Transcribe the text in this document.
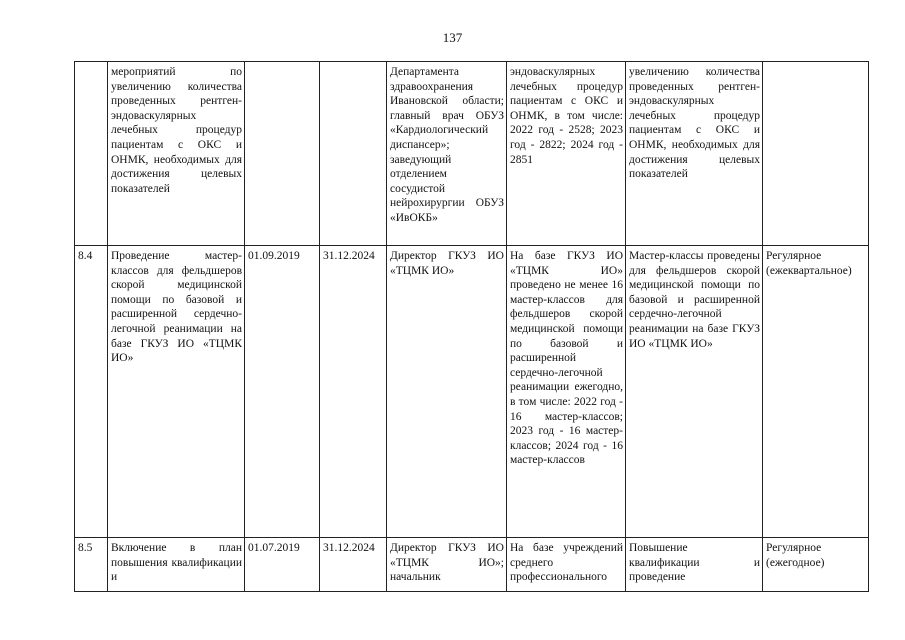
137
	мероприятий по увеличению количества проведенных рентген-эндоваскулярных лечебных процедур пациентам с ОКС и ОНМК, необходимых для достижения целевых показателей			Департамента здравоохранения Ивановской области; главный врач ОБУЗ «Кардиологический диспансер»; заведующий отделением сосудистой нейрохирургии ОБУЗ «ИвОКБ»	эндоваскулярных лечебных процедур пациентам с ОКС и ОНМК, в том числе: 2022 год - 2528; 2023 год - 2822; 2024 год - 2851	увеличению количества проведенных рентген-эндоваскулярных лечебных процедур пациентам с ОКС и ОНМК, необходимых для достижения целевых показателей	
8.4	Проведение мастер-классов для фельдшеров скорой медицинской помощи по базовой и расширенной сердечно-легочной реанимации на базе ГКУЗ ИО «ТЦМК ИО»	01.09.2019	31.12.2024	Директор ГКУЗ ИО «ТЦМК ИО»	На базе ГКУЗ ИО «ТЦМК ИО» проведено не менее 16 мастер-классов для фельдшеров скорой медицинской помощи по базовой и расширенной сердечно-легочной реанимации ежегодно, в том числе: 2022 год - 16 мастер-классов; 2023 год - 16 мастер-классов; 2024 год - 16 мастер-классов	Мастер-классы проведены для фельдшеров скорой медицинской помощи по базовой и расширенной сердечно-легочной реанимации на базе ГКУЗ ИО «ТЦМК ИО»	Регулярное (ежеквартальное)
8.5	Включение в план повышения квалификации и	01.07.2019	31.12.2024	Директор ГКУЗ ИО «ТЦМК ИО»; начальник	На базе учреждений среднего профессионального	Повышение квалификации и проведение	Регулярное (ежегодное)
